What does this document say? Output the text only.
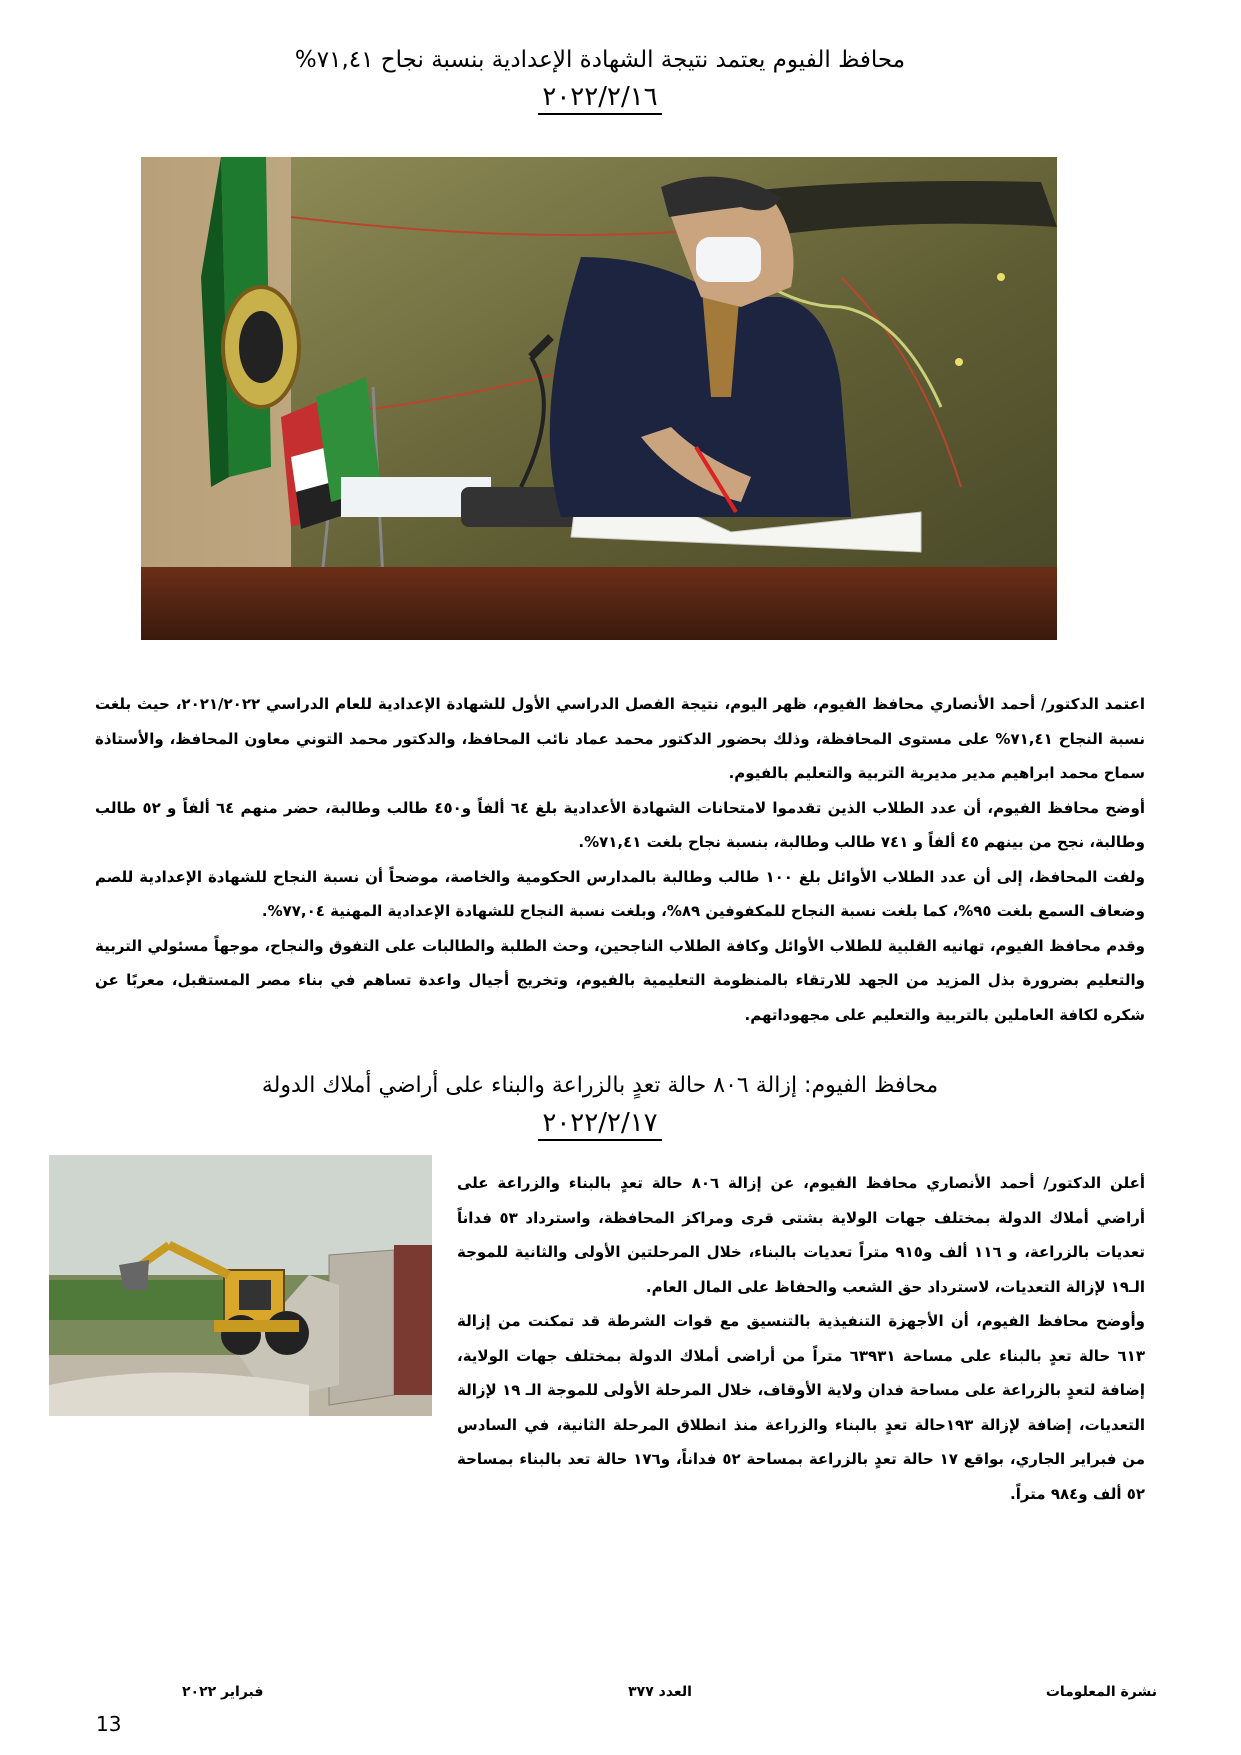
محافظ الفيوم يعتمد نتيجة الشهادة الإعدادية بنسبة نجاح ٧١,٤١%
٢٠٢٢/٢/١٦

اعتمد الدكتور/ أحمد الأنصاري محافظ الفيوم، ظهر اليوم، نتيجة الفصل الدراسي الأول للشهادة الإعدادية للعام الدراسي ٢٠٢١/٢٠٢٢، حيث بلغت نسبة النجاح ٧١,٤١% على مستوى المحافظة، وذلك بحضور الدكتور محمد عماد نائب المحافظ، والدكتور محمد التوني معاون المحافظ، والأستاذة سماح محمد ابراهيم مدير مديرية التربية والتعليم بالفيوم.

أوضح محافظ الفيوم، أن عدد الطلاب الذين تقدموا لامتحانات الشهادة الأعدادية بلغ ٦٤ ألفاً و٤٥٠ طالب وطالبة، حضر منهم ٦٤ ألفاً و ٥٢ طالب وطالبة، نجح من بينهم ٤٥ ألفاً و ٧٤١ طالب وطالبة، بنسبة نجاح بلغت ٧١,٤١%.

ولفت المحافظ، إلى أن عدد الطلاب الأوائل بلغ ١٠٠ طالب وطالبة بالمدارس الحكومية والخاصة، موضحاً أن نسبة النجاح للشهادة الإعدادية للصم وضعاف السمع بلغت ٩٥%، كما بلغت نسبة النجاح للمكفوفين ٨٩%، وبلغت نسبة النجاح للشهادة الإعدادية المهنية ٧٧,٠٤%.

وقدم محافظ الفيوم، تهانيه القلبية للطلاب الأوائل وكافة الطلاب الناجحين، وحث الطلبة والطالبات على التفوق والنجاح، موجهاً مسئولي التربية والتعليم بضرورة بذل المزيد من الجهد للارتقاء بالمنظومة التعليمية بالفيوم، وتخريج أجيال واعدة تساهم في بناء مصر المستقبل، معربًا عن شكره لكافة العاملين بالتربية والتعليم على مجهوداتهم.

محافظ الفيوم: إزالة ٨٠٦ حالة تعدٍ بالزراعة والبناء على أراضي أملاك الدولة
٢٠٢٢/٢/١٧

أعلن الدكتور/ أحمد الأنصاري محافظ الفيوم، عن إزالة ٨٠٦ حالة تعدٍ بالبناء والزراعة على أراضي أملاك الدولة بمختلف جهات الولاية بشتى قرى ومراكز المحافظة، واسترداد ٥٣ فداناً تعديات بالزراعة، و ١١٦ ألف و٩١٥ متراً تعديات بالبناء، خلال المرحلتين الأولى والثانية للموجة الـ١٩ لإزالة التعديات، لاسترداد حق الشعب والحفاظ على المال العام.

وأوضح محافظ الفيوم، أن الأجهزة التنفيذية بالتنسيق مع قوات الشرطة قد تمكنت من إزالة ٦١٣ حالة تعدٍ بالبناء على مساحة ٦٣٩٣١ متراً من أراضى أملاك الدولة بمختلف جهات الولاية، إضافة لتعدٍ بالزراعة على مساحة فدان ولاية الأوقاف، خلال المرحلة الأولى للموجة الـ ١٩ لإزالة التعديات، إضافة لإزالة ١٩٣حالة تعدٍ بالبناء والزراعة منذ انطلاق المرحلة الثانية، في السادس من فبراير الجاري، بواقع ١٧ حالة تعدٍ بالزراعة بمساحة ٥٢ فداناً، و١٧٦ حالة تعد بالبناء بمساحة ٥٢ ألف و٩٨٤ متراً.

نشرة المعلومات
العدد ٣٧٧
فبراير ٢٠٢٢
13
